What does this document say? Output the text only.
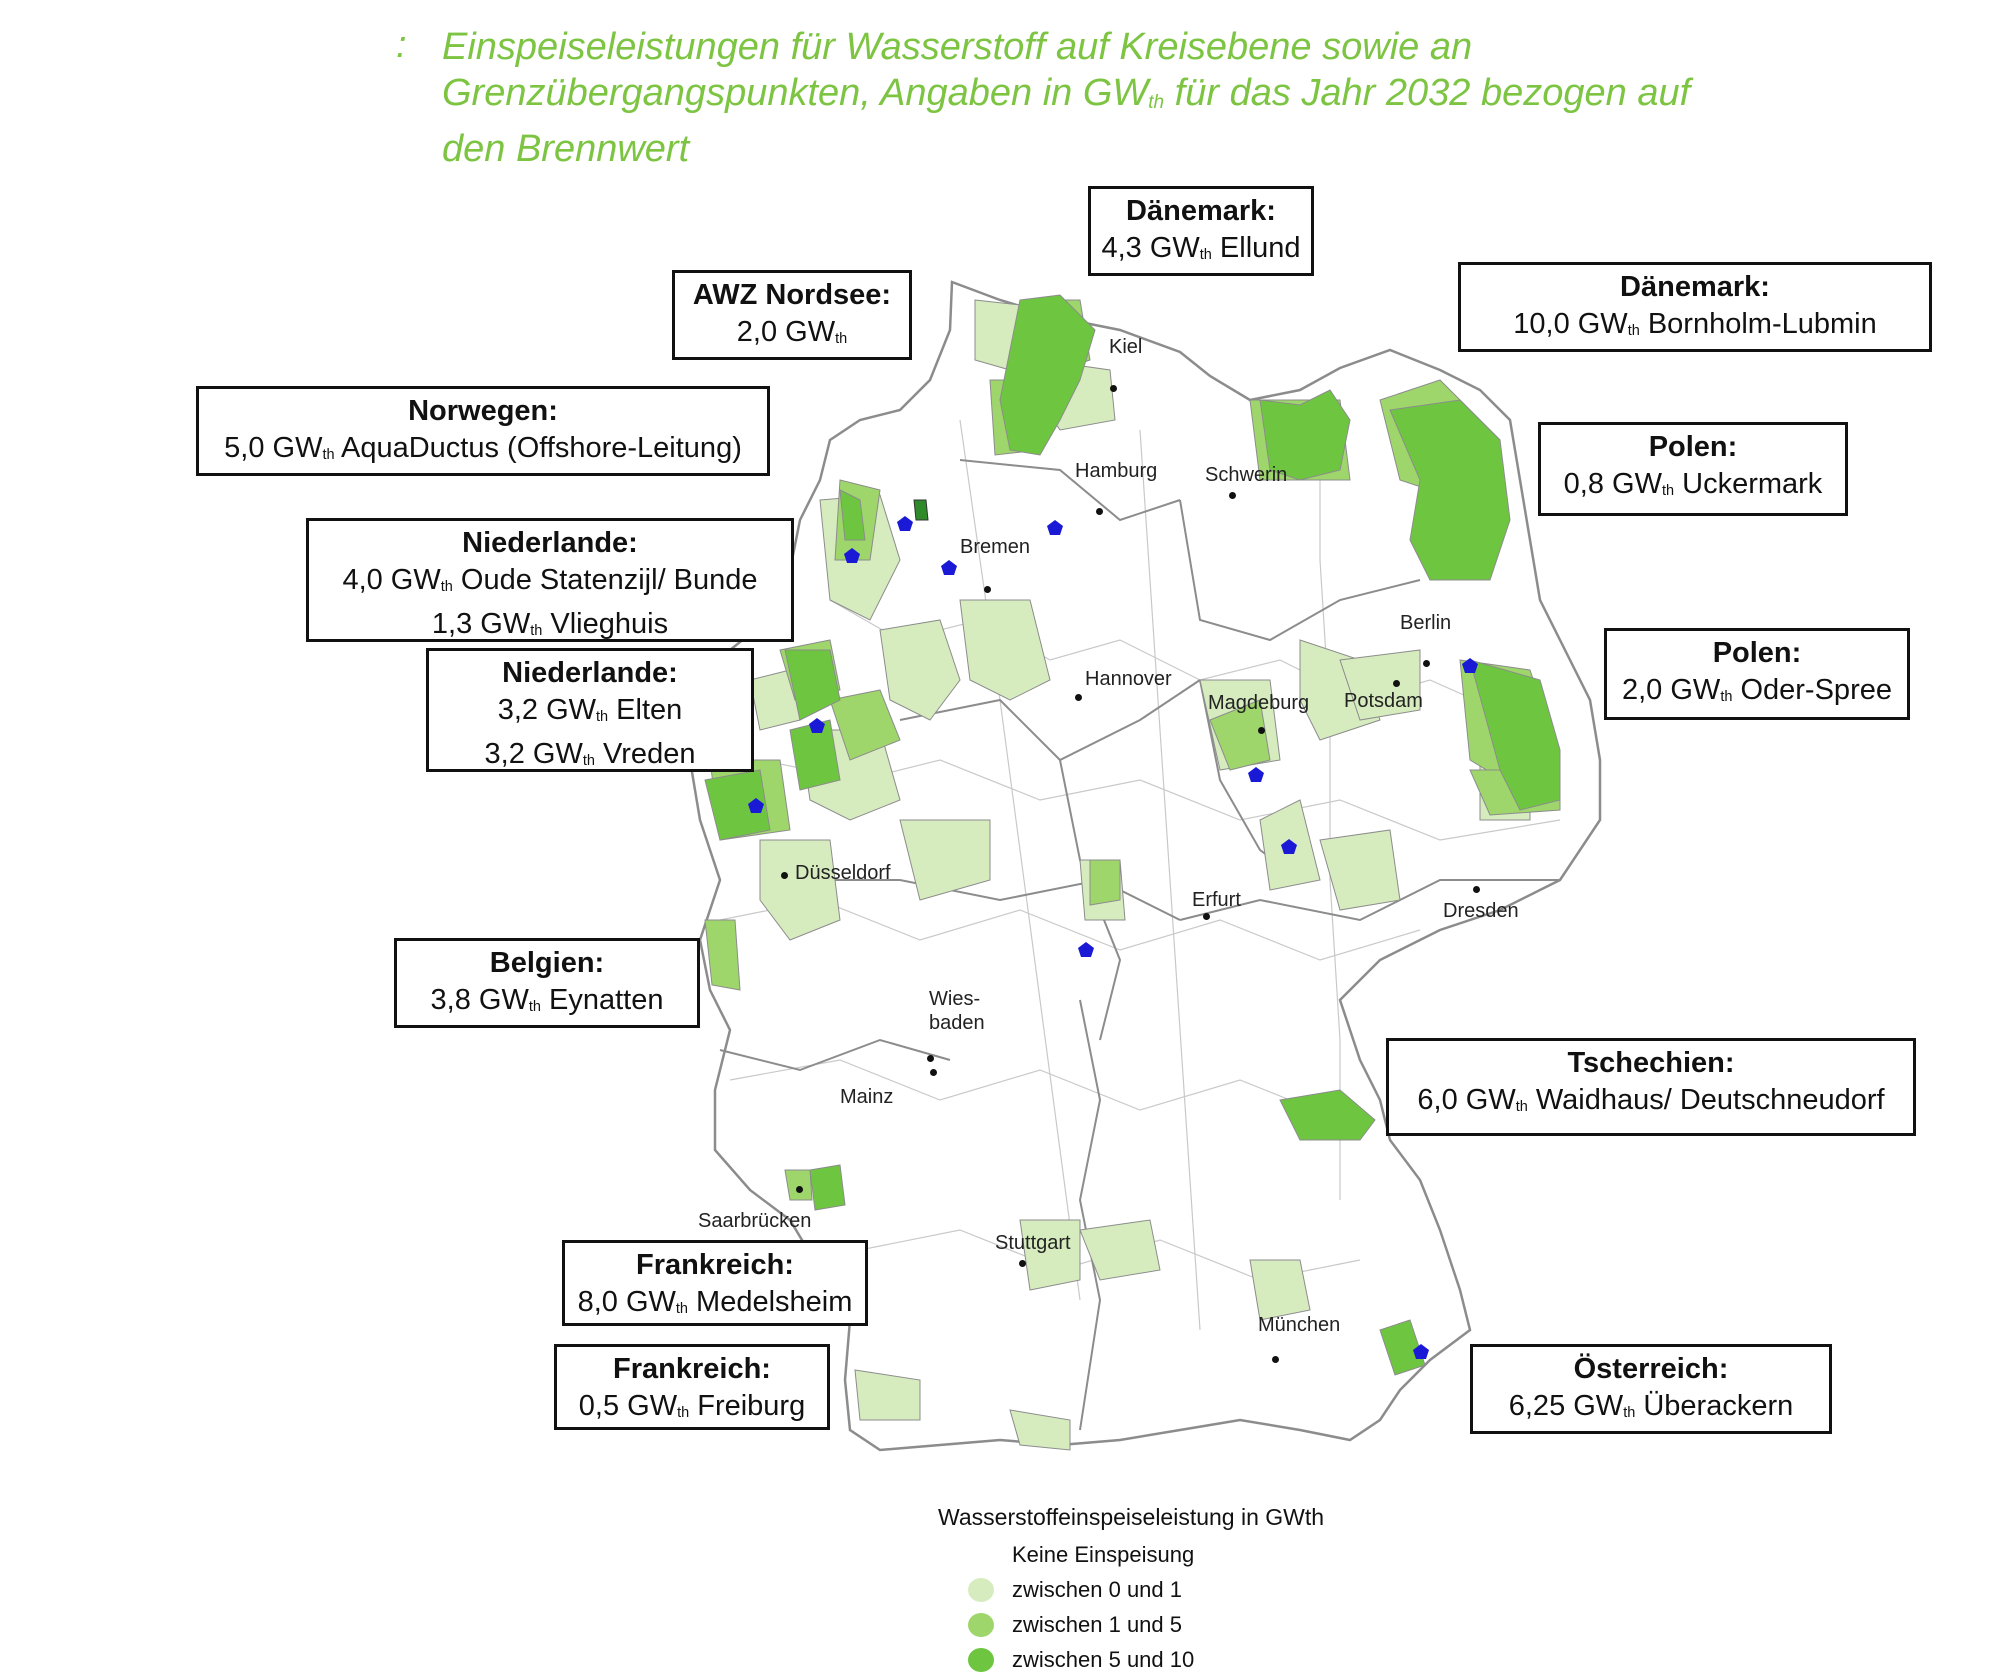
: Einspeiseleistungen für Wasserstoff auf Kreisebene sowie an
Grenzübergangspunkten, Angaben in $GW_{th}$ für das Jahr 2032 bezogen auf
den Brennwert
Kiel
Hamburg Schwerin
Bremen
Berlin
Potsdam
Hannover
Magdeburg
Düsseldorf
Erfurt	Dresden
Wies-
baden
Mainz
Saarbrücken
Stuttgart
München
Dänemark:
4,3 $GW_{th}$ Ellund
AWZ Nordsee:
2,0 $GW_{th}$
Dänemark:
10,0 $GW_{th}$ Bornholm-Lubmin
Norwegen:
5,0 $GW_{th}$ AquaDuctus (Offshore-Leitung)	Polen:
0,8 $GW_{th}$ Uckermark
Niederlande:
4,0 $GW_{th}$ Oude Statenzijl/ Bunde
1,3 $GW_{th}$ Vlieghuis
Polen:
2,0 $GW_{th}$ Oder-Spree
Niederlande:
3,2 $GW_{th}$ Elten
3,2 $GW_{th}$ Vreden
Belgien:
3,8 $GW_{th}$ Eynatten
Tschechien:
6,0 $GW_{th}$ Waidhaus/ Deutschneudorf
Frankreich:
8,0 $GW_{th}$ Medelsheim
Frankreich:
0,5 $GW_{th}$ Freiburg
Österreich:
6,25 $GW_{th}$ Überackern
Wasserstoffeinspeiseleistung in GWth
Keine Einspeisung
zwischen 0 und 1
zwischen 1 und 5
zwischen 5 und 10
